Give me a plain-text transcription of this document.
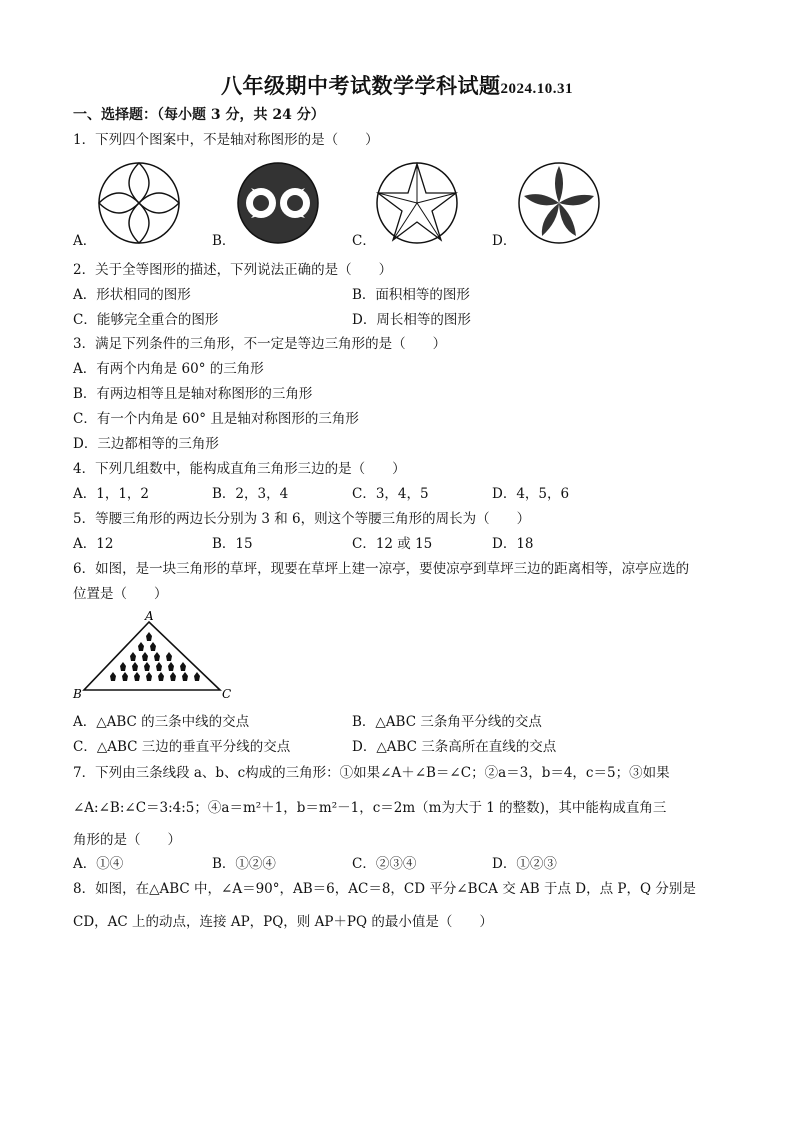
八年级期中考试数学学科试题2024.10.31
一、选择题：（每小题 3 分，共 24 分）
1．下列四个图案中，不是轴对称图形的是（　　）
A．	B．	C．	D．
2．关于全等图形的描述，下列说法正确的是（　　）
A．形状相同的图形	B．面积相等的图形
C．能够完全重合的图形	D．周长相等的图形
3．满足下列条件的三角形，不一定是等边三角形的是（　　）
A．有两个内角是 60° 的三角形
B．有两边相等且是轴对称图形的三角形
C．有一个内角是 60° 且是轴对称图形的三角形
D．三边都相等的三角形
4．下列几组数中，能构成直角三角形三边的是（　　）
A．1，1，2	B．2，3，4	C．3，4，5	D．4，5，6
5．等腰三角形的两边长分别为 3 和 6，则这个等腰三角形的周长为（　　）
A．12	B．15	C．12 或 15	D．18
6．如图，是一块三角形的草坪，现要在草坪上建一凉亭，要使凉亭到草坪三边的距离相等，凉亭应选的
位置是（　　）
A
B	C
A．△ABC 的三条中线的交点	B．△ABC 三条角平分线的交点
C．△ABC 三边的垂直平分线的交点	D．△ABC 三条高所在直线的交点
7．下列由三条线段 a、b、c构成的三角形：①如果∠A＋∠B＝∠C；②a＝3，b＝4，c＝5；③如果
∠A:∠B:∠C＝3:4:5；④a＝m²＋1，b＝m²－1，c＝2m（m为大于 1 的整数)，其中能构成直角三
角形的是（　　）
A．①④	B．①②④	C．②③④	D．①②③
8．如图，在△ABC 中，∠A＝90°，AB＝6，AC＝8，CD 平分∠BCA 交 AB 于点 D，点 P，Q 分别是
CD，AC 上的动点，连接 AP，PQ，则 AP＋PQ 的最小值是（　　）
